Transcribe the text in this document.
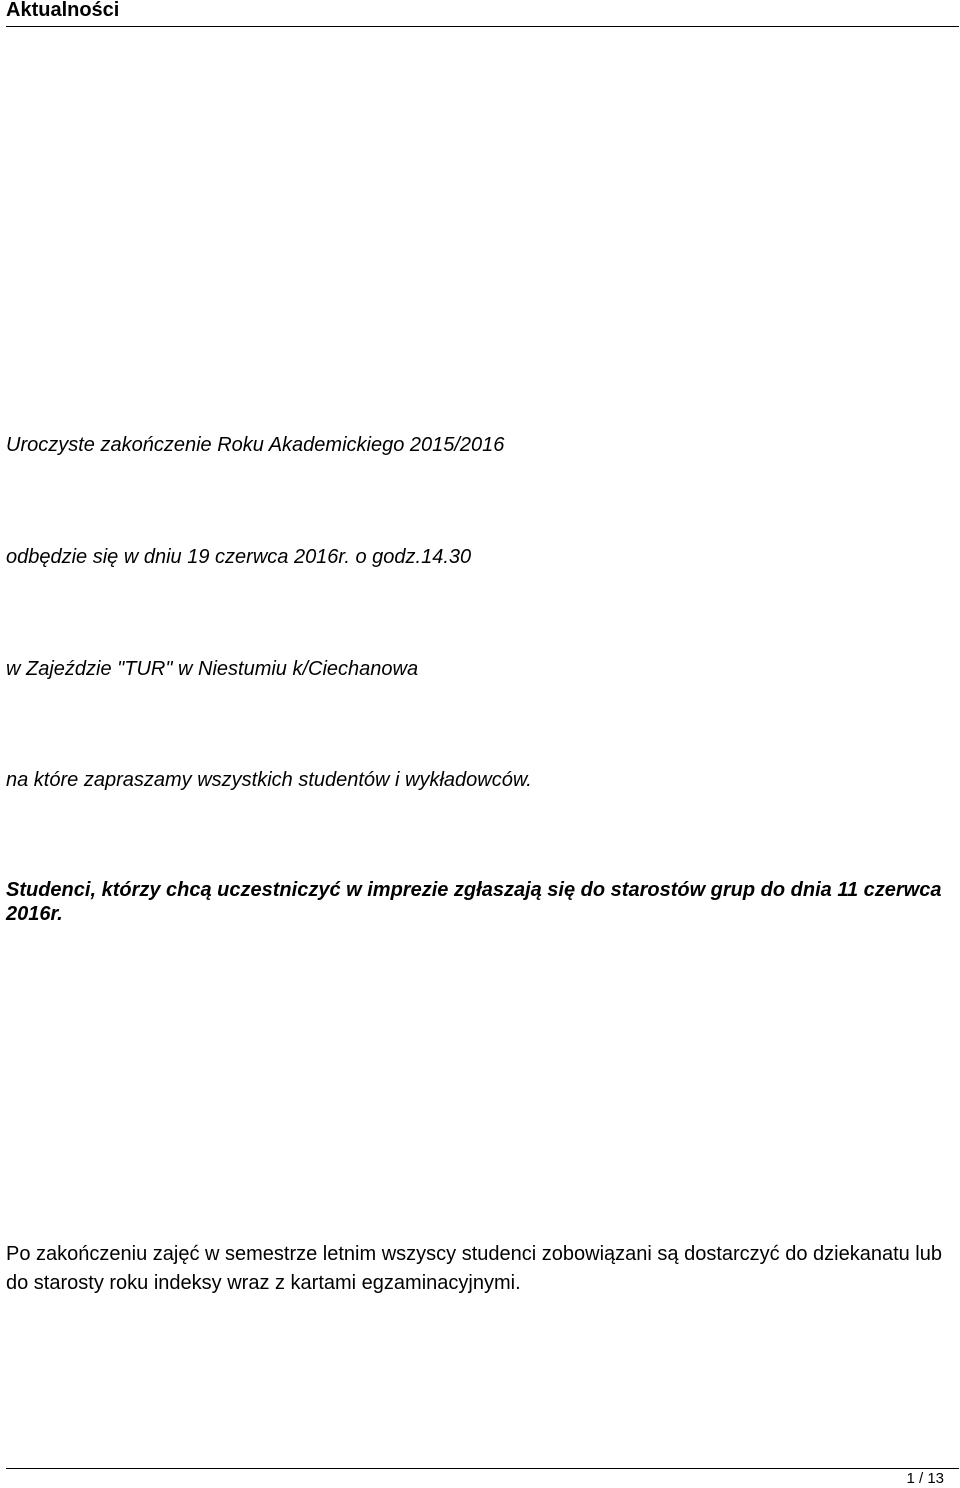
Aktualności

Uroczyste zakończenie Roku Akademickiego 2015/2016

odbędzie się w dniu 19 czerwca 2016r. o godz.14.30

w Zajeździe "TUR" w Niestumiu k/Ciechanowa

na które zapraszamy wszystkich studentów i wykładowców.

Studenci, którzy chcą uczestniczyć w imprezie zgłaszają się do starostów grup do dnia 11 czerwca 2016r.

Po zakończeniu zajęć w semestrze letnim wszyscy studenci zobowiązani są dostarczyć do dziekanatu lub do starosty roku indeksy wraz z kartami egzaminacyjnymi.

1 / 13
